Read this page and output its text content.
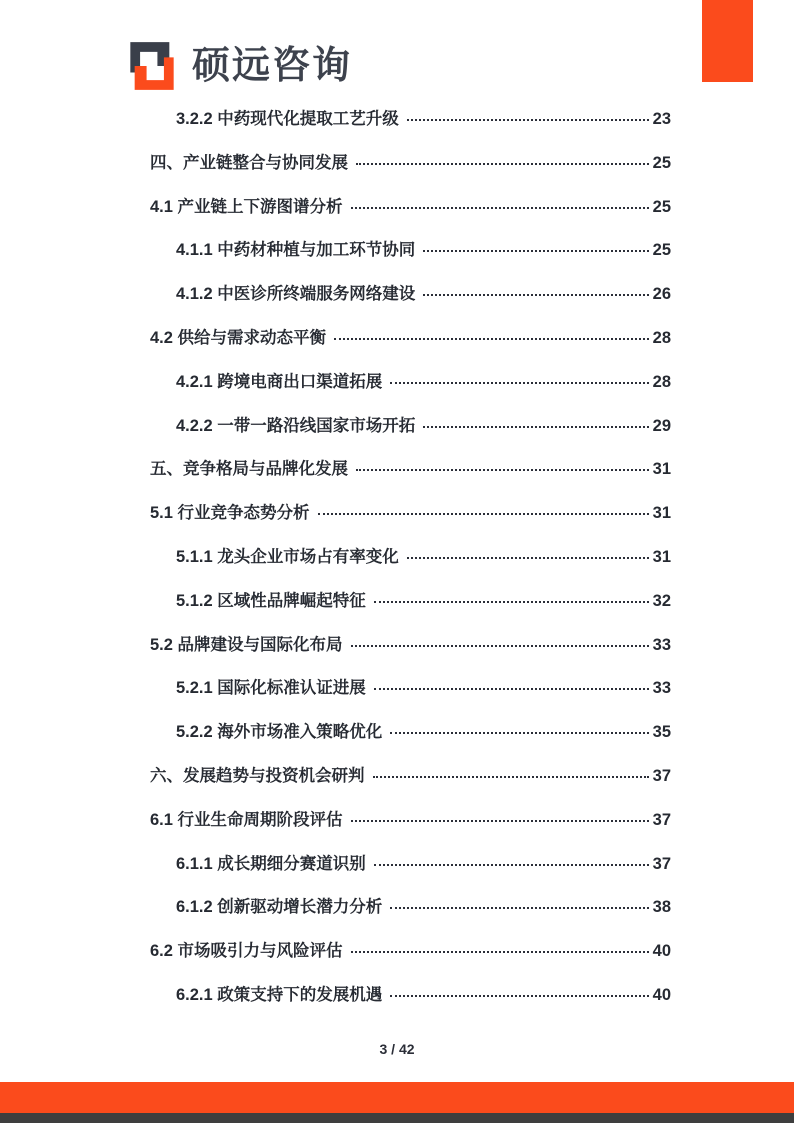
硕远咨询
3.2.2 中药现代化提取工艺升级	23
四、产业链整合与协同发展	25
4.1 产业链上下游图谱分析	25
4.1.1 中药材种植与加工环节协同	25
4.1.2 中医诊所终端服务网络建设	26
4.2 供给与需求动态平衡	28
4.2.1 跨境电商出口渠道拓展	28
4.2.2 一带一路沿线国家市场开拓	29
五、竞争格局与品牌化发展	31
5.1 行业竞争态势分析	31
5.1.1 龙头企业市场占有率变化	31
5.1.2 区域性品牌崛起特征	32
5.2 品牌建设与国际化布局	33
5.2.1 国际化标准认证进展	33
5.2.2 海外市场准入策略优化	35
六、发展趋势与投资机会研判	37
6.1 行业生命周期阶段评估	37
6.1.1 成长期细分赛道识别	37
6.1.2 创新驱动增长潜力分析	38
6.2 市场吸引力与风险评估	40
6.2.1 政策支持下的发展机遇	40
3 / 42
